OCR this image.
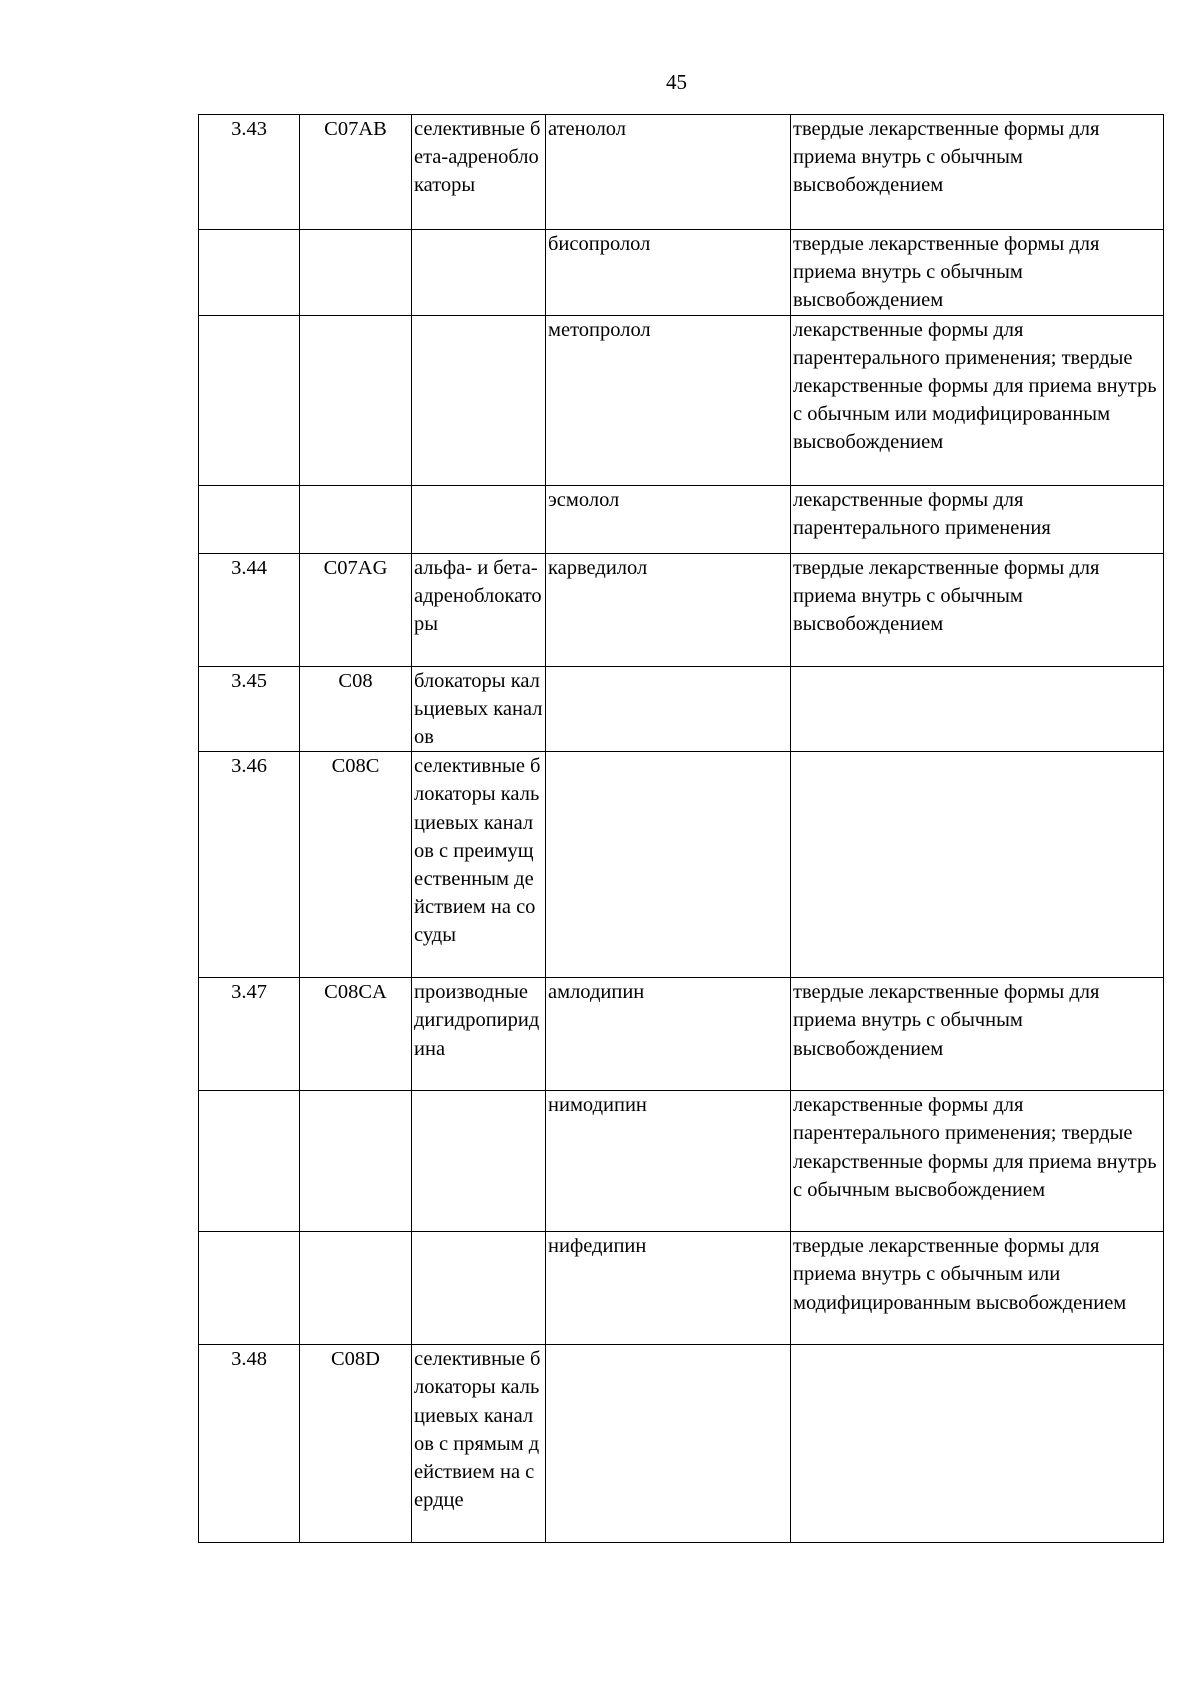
45
3.43	C07AB	селективные бета-адреноблокаторы	атенолол	твердые лекарственные формы для приема внутрь с обычным высвобождением
			бисопролол	твердые лекарственные формы для приема внутрь с обычным высвобождением
			метопролол	лекарственные формы для парентерального применения; твердые лекарственные формы для приема внутрь с обычным или модифицированным высвобождением
			эсмолол	лекарственные формы для парентерального применения
3.44	C07AG	альфа- и бета-адреноблокаторы	карведилол	твердые лекарственные формы для приема внутрь с обычным высвобождением
3.45	C08	блокаторы кальциевых каналов		
3.46	C08C	селективные блокаторы кальциевых каналов с преимущественным действием на сосуды		
3.47	C08CA	производные дигидропиридина	амлодипин	твердые лекарственные формы для приема внутрь с обычным высвобождением
			нимодипин	лекарственные формы для парентерального применения; твердые лекарственные формы для приема внутрь с обычным высвобождением
			нифедипин	твердые лекарственные формы для приема внутрь с обычным или модифицированным высвобождением
3.48	C08D	селективные блокаторы кальциевых каналов с прямым действием на сердце		
